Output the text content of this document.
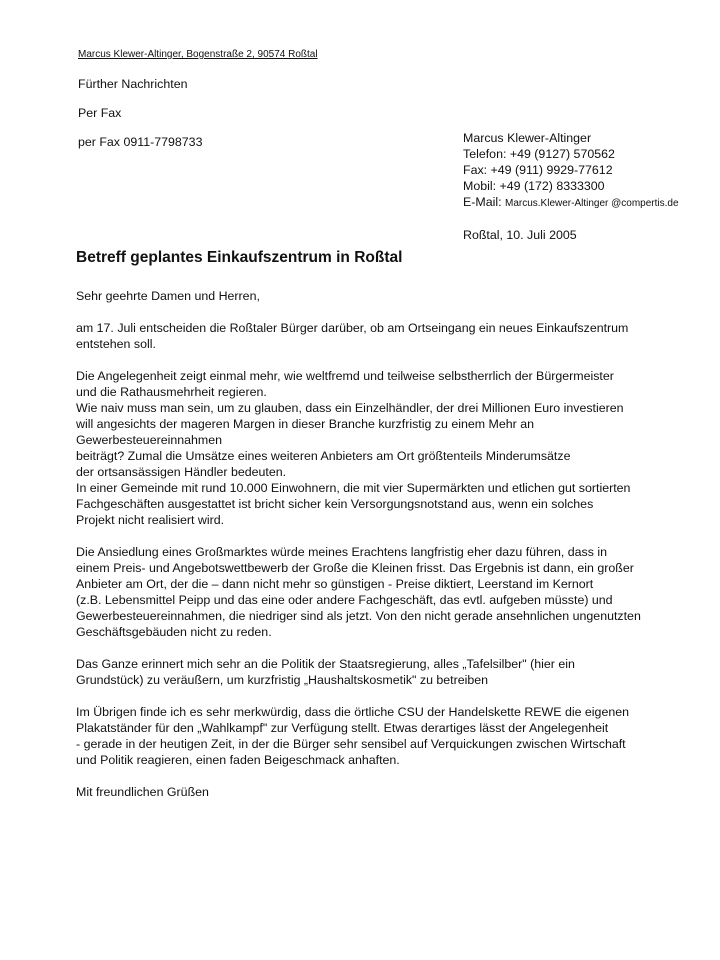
Marcus Klewer-Altinger, Bogenstraße 2, 90574 Roßtal
Fürther Nachrichten
Per Fax
per Fax 0911-7798733	Marcus Klewer-Altinger
Telefon: +49 (9127) 570562
Fax: +49 (911) 9929-77612
Mobil: +49 (172) 8333300
E-Mail: Marcus.Klewer-Altinger @compertis.de
Roßtal, 10. Juli 2005
Betreff geplantes Einkaufszentrum in Roßtal

Sehr geehrte Damen und Herren,

am 17. Juli entscheiden die Roßtaler Bürger darüber, ob am Ortseingang ein neues Einkaufszentrum
entstehen soll.

Die Angelegenheit zeigt einmal mehr, wie weltfremd und teilweise selbstherrlich der Bürgermeister
und die Rathausmehrheit regieren.
Wie naiv muss man sein, um zu glauben, dass ein Einzelhändler, der drei Millionen Euro investieren
will angesichts der mageren Margen in dieser Branche kurzfristig zu einem Mehr an
Gewerbesteuereinnahmen
beiträgt? Zumal die Umsätze eines weiteren Anbieters am Ort größtenteils Minderumsätze
der ortsansässigen Händler bedeuten.
In einer Gemeinde mit rund 10.000 Einwohnern, die mit vier Supermärkten und etlichen gut sortierten
Fachgeschäften ausgestattet ist bricht sicher kein Versorgungsnotstand aus, wenn ein solches
Projekt nicht realisiert wird.

Die Ansiedlung eines Großmarktes würde meines Erachtens langfristig eher dazu führen, dass in
einem Preis- und Angebotswettbewerb der Große die Kleinen frisst. Das Ergebnis ist dann, ein großer
Anbieter am Ort, der die – dann nicht mehr so günstigen - Preise diktiert, Leerstand im Kernort
(z.B. Lebensmittel Peipp und das eine oder andere Fachgeschäft, das evtl. aufgeben müsste) und
Gewerbesteuereinnahmen, die niedriger sind als jetzt. Von den nicht gerade ansehnlichen ungenutzten
Geschäftsgebäuden nicht zu reden.

Das Ganze erinnert mich sehr an die Politik der Staatsregierung, alles „Tafelsilber" (hier ein
Grundstück) zu veräußern, um kurzfristig „Haushaltskosmetik" zu betreiben

Im Übrigen finde ich es sehr merkwürdig, dass die örtliche CSU der Handelskette REWE die eigenen
Plakatständer für den „Wahlkampf" zur Verfügung stellt. Etwas derartiges lässt der Angelegenheit
- gerade in der heutigen Zeit, in der die Bürger sehr sensibel auf Verquickungen zwischen Wirtschaft
und Politik reagieren, einen faden Beigeschmack anhaften.

Mit freundlichen Grüßen
